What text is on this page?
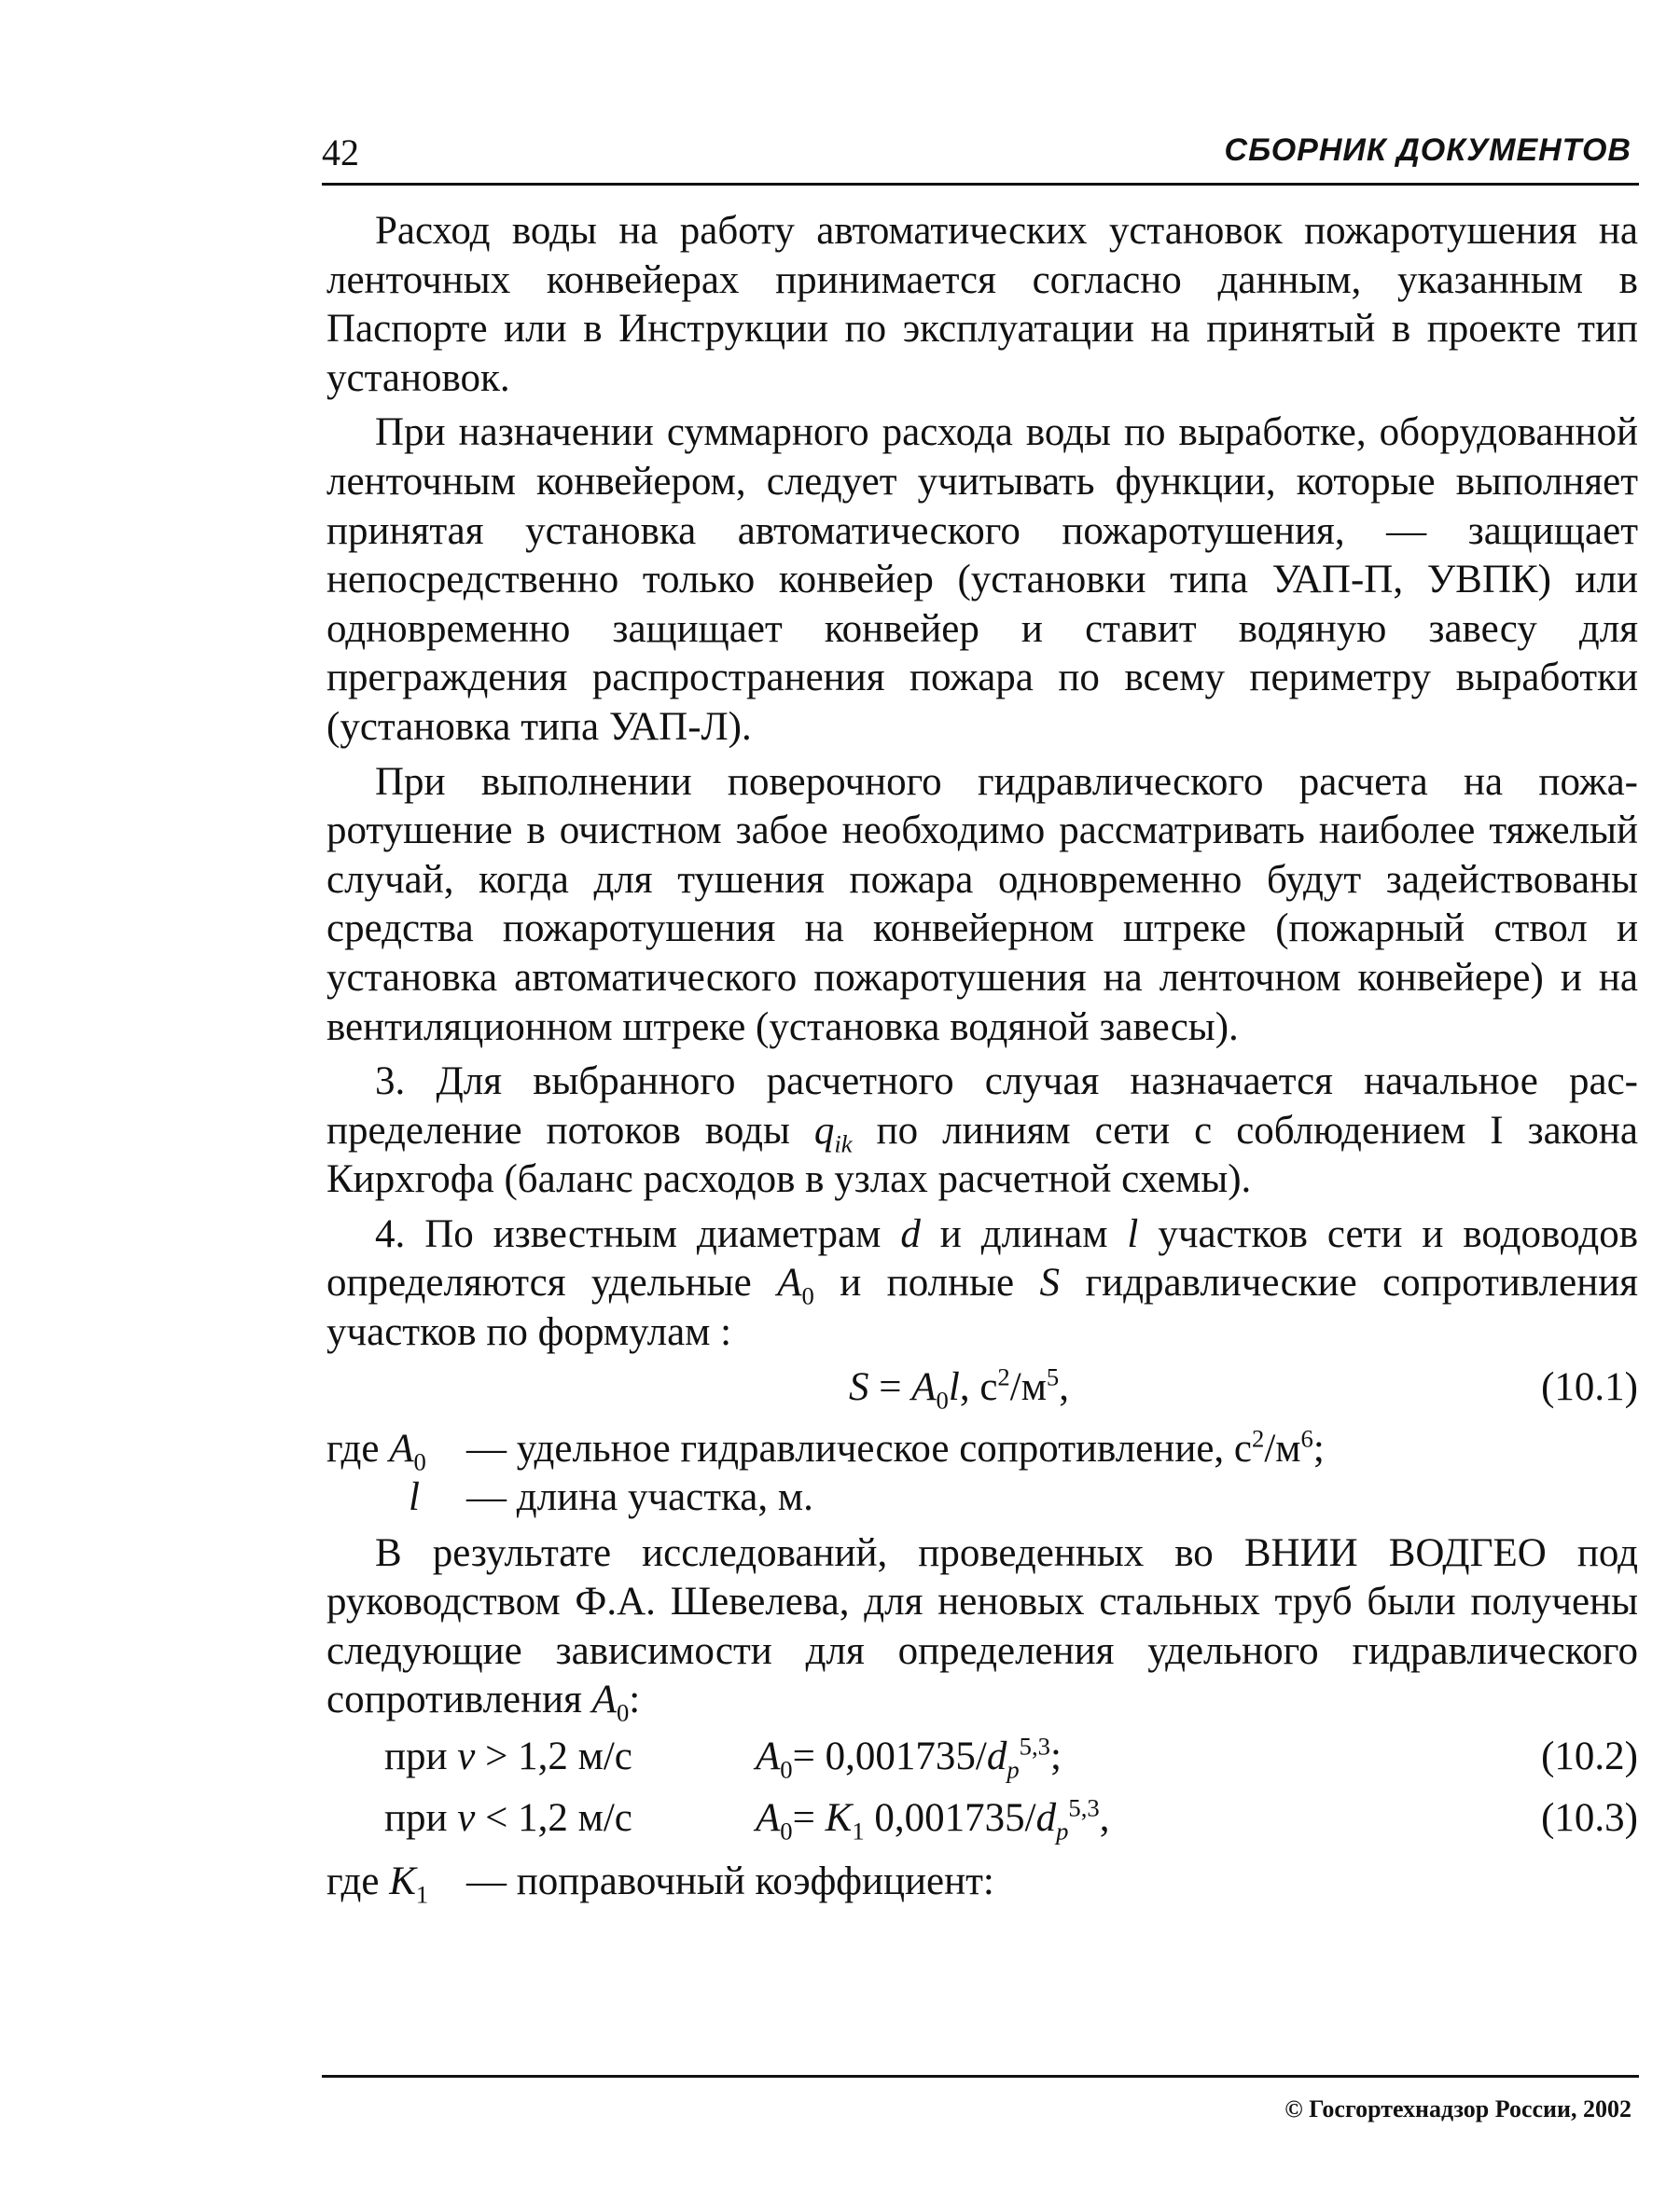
42	СБОРНИК ДОКУМЕНТОВ

Расход воды на работу автоматических установок пожаротушения на ленточных конвейерах принимается согласно данным, указанным в Паспорте или в Инструкции по эксплуатации на принятый в проекте тип установок.

При назначении суммарного расхода воды по выработке, оборудованной ленточным конвейером, следует учитывать функции, которые выполняет принятая установка автоматического пожаротушения, — защищает непосредственно только конвейер (установки типа УАП-П, УВПК) или одновременно защищает конвейер и ставит водяную завесу для преграждения распространения пожара по всему периметру выработки (установка типа УАП-Л).

При выполнении поверочного гидравлического расчета на пожаротушение в очистном забое необходимо рассматривать наиболее тяжелый случай, когда для тушения пожара одновременно будут задействованы средства пожаротушения на конвейерном штреке (пожарный ствол и установка автоматического пожаротушения на ленточном конвейере) и на вентиляционном штреке (установка водяной завесы).

3. Для выбранного расчетного случая назначается начальное распределение потоков воды $q_{ik}$ по линиям сети с соблюдением I закона Кирхгофа (баланс расходов в узлах расчетной схемы).

4. По известным диаметрам d и длинам l участков сети и водоводов определяются удельные $A_0$ и полные S гидравлические сопротивления участков по формулам :

$S = A_0l$, $с^2/м^5$,	(10.1)
где $A_0$ — удельное гидравлическое сопротивление, $с^2/м^6$;
l — длина участка, м.

В результате исследований, проведенных во ВНИИ ВОДГЕО под руководством Ф.А. Шевелева, для неновых стальных труб были получены следующие зависимости для определения удельного гидравлического сопротивления $A_0$:

при v > 1,2 м/с	$A_0= 0,001735/d_p^{5,3}$;	(10.2)
при v < 1,2 м/с	$A_0= K_1$ $0,001735/d_p^{5,3}$,	(10.3)
где $K_1$ — поправочный коэффициент:
© Госгортехнадзор России, 2002
